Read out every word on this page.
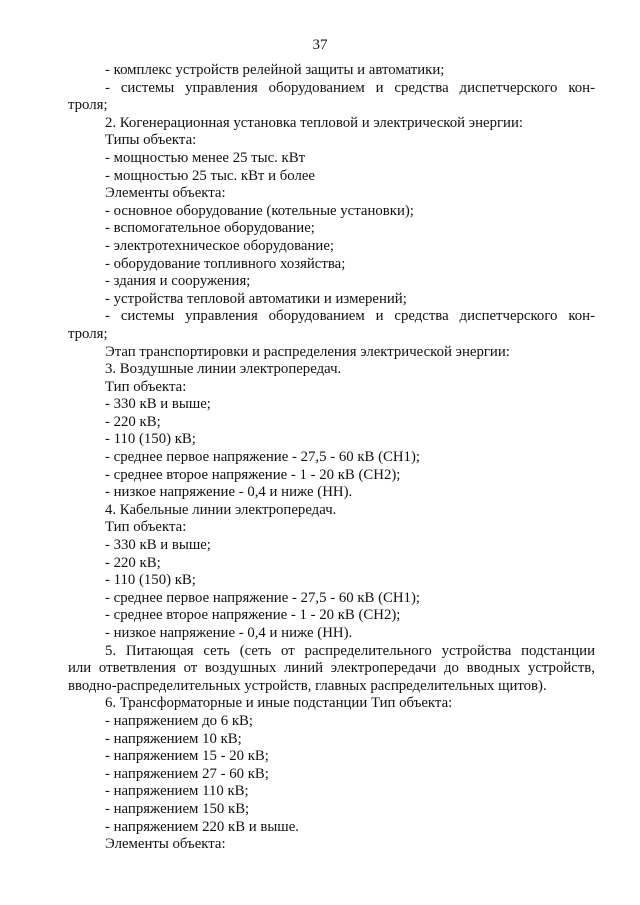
37
- комплекс устройств релейной защиты и автоматики;
- системы управления оборудованием и средства диспетчерского кон-
троля;
2. Когенерационная установка тепловой и электрической энергии:
Типы объекта:
- мощностью менее 25 тыс. кВт
- мощностью 25 тыс. кВт и более
Элементы объекта:
- основное оборудование (котельные установки);
- вспомогательное оборудование;
- электротехническое оборудование;
- оборудование топливного хозяйства;
- здания и сооружения;
- устройства тепловой автоматики и измерений;
- системы управления оборудованием и средства диспетчерского кон-
троля;
Этап транспортировки и распределения электрической энергии:
3. Воздушные линии электропередач.
Тип объекта:
- 330 кВ и выше;
- 220 кВ;
- 110 (150) кВ;
- среднее первое напряжение - 27,5 - 60 кВ (СН1);
- среднее второе напряжение - 1 - 20 кВ (СН2);
- низкое напряжение - 0,4 и ниже (НН).
4. Кабельные линии электропередач.
Тип объекта:
- 330 кВ и выше;
- 220 кВ;
- 110 (150) кВ;
- среднее первое напряжение - 27,5 - 60 кВ (СН1);
- среднее второе напряжение - 1 - 20 кВ (СН2);
- низкое напряжение - 0,4 и ниже (НН).
5. Питающая сеть (сеть от распределительного устройства подстанции
или ответвления от воздушных линий электропередачи до вводных устройств,
вводно-распределительных устройств, главных распределительных щитов).
6. Трансформаторные и иные подстанции Тип объекта:
- напряжением до 6 кВ;
- напряжением 10 кВ;
- напряжением 15 - 20 кВ;
- напряжением 27 - 60 кВ;
- напряжением 110 кВ;
- напряжением 150 кВ;
- напряжением 220 кВ и выше.
Элементы объекта:
